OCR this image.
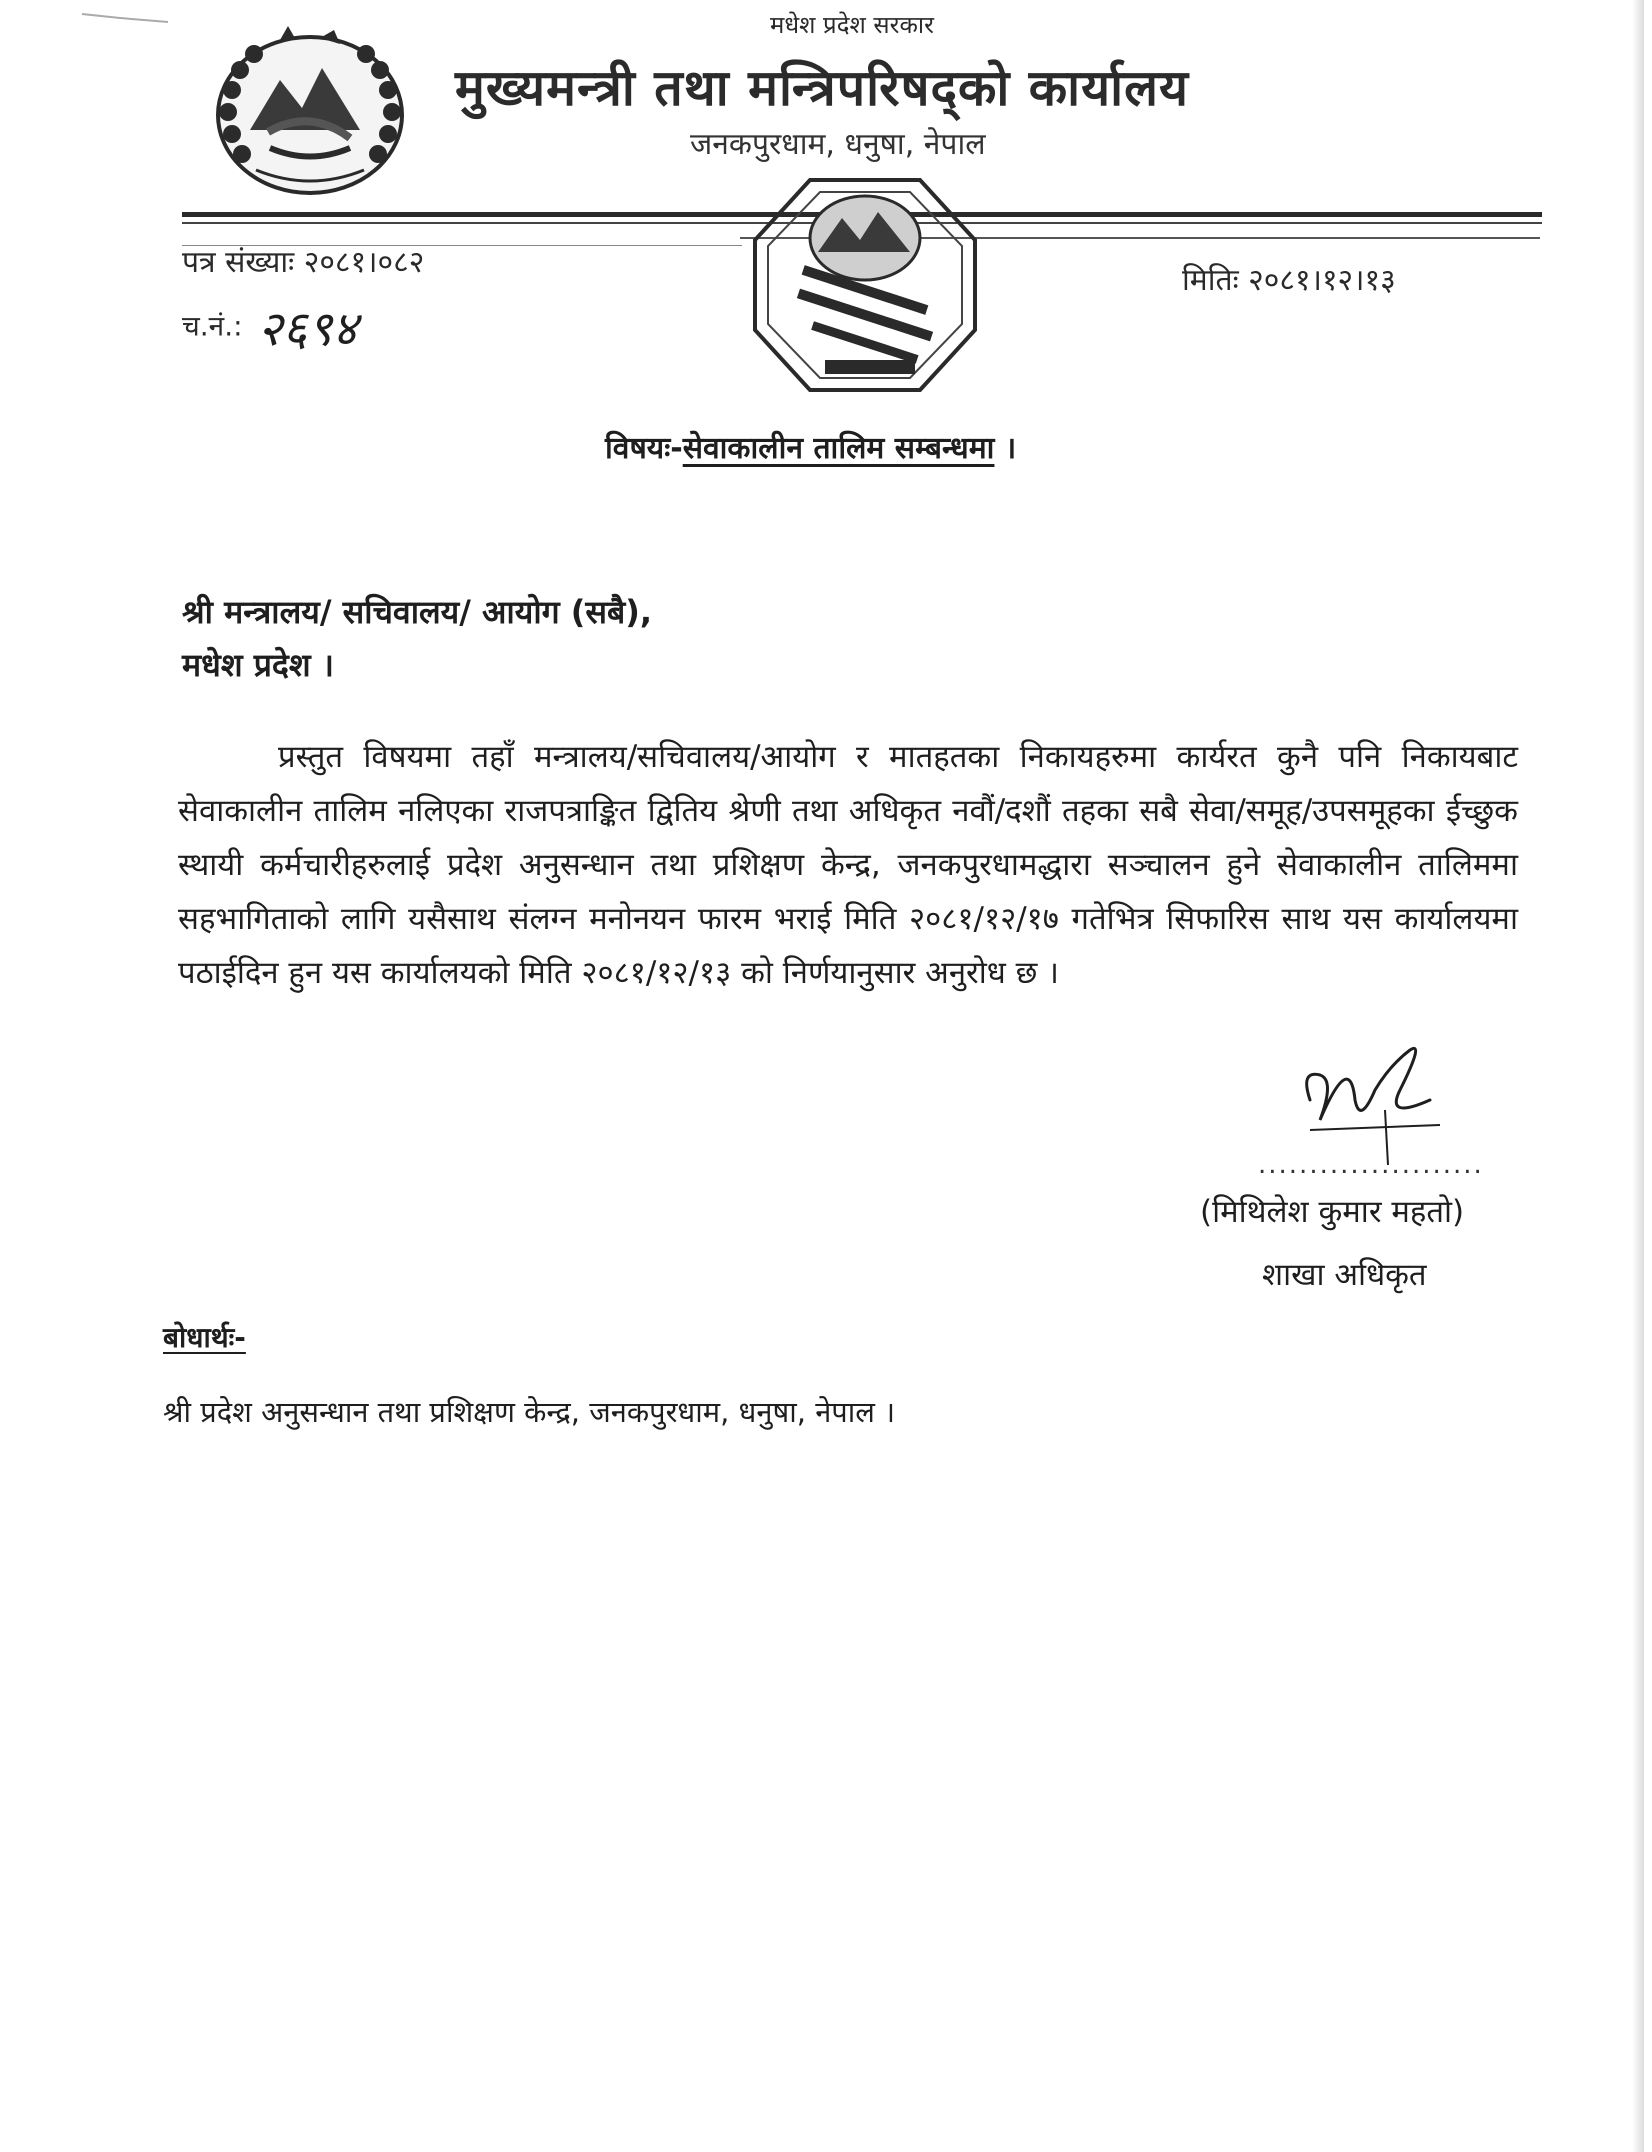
मधेश प्रदेश सरकार
मुख्यमन्त्री तथा मन्त्रिपरिषद्को कार्यालय
जनकपुरधाम, धनुषा, नेपाल
पत्र संख्याः २०८१।०८२
च.नं.: २६९४
मितिः २०८१।१२।१३
विषयः-सेवाकालीन तालिम सम्बन्धमा ।
श्री मन्त्रालय/ सचिवालय/ आयोग (सबै),
मधेश प्रदेश ।

प्रस्तुत विषयमा तहाँ मन्त्रालय/सचिवालय/आयोग र मातहतका निकायहरुमा कार्यरत कुनै पनि निकायबाट सेवाकालीन तालिम नलिएका राजपत्राङ्कित द्वितिय श्रेणी तथा अधिकृत नवौं/दशौं तहका सबै सेवा/समूह/उपसमूहका ईच्छुक स्थायी कर्मचारीहरुलाई प्रदेश अनुसन्धान तथा प्रशिक्षण केन्द्र, जनकपुरधामद्धारा सञ्चालन हुने सेवाकालीन तालिममा सहभागिताको लागि यसैसाथ संलग्न मनोनयन फारम भराई मिति २०८१/१२/१७ गतेभित्र सिफारिस साथ यस कार्यालयमा पठाईदिन हुन यस कार्यालयको मिति २०८१/१२/१३ को निर्णयानुसार अनुरोध छ ।

......................
(मिथिलेश कुमार महतो)
शाखा अधिकृत
बोधार्थः-
श्री प्रदेश अनुसन्धान तथा प्रशिक्षण केन्द्र, जनकपुरधाम, धनुषा, नेपाल ।
